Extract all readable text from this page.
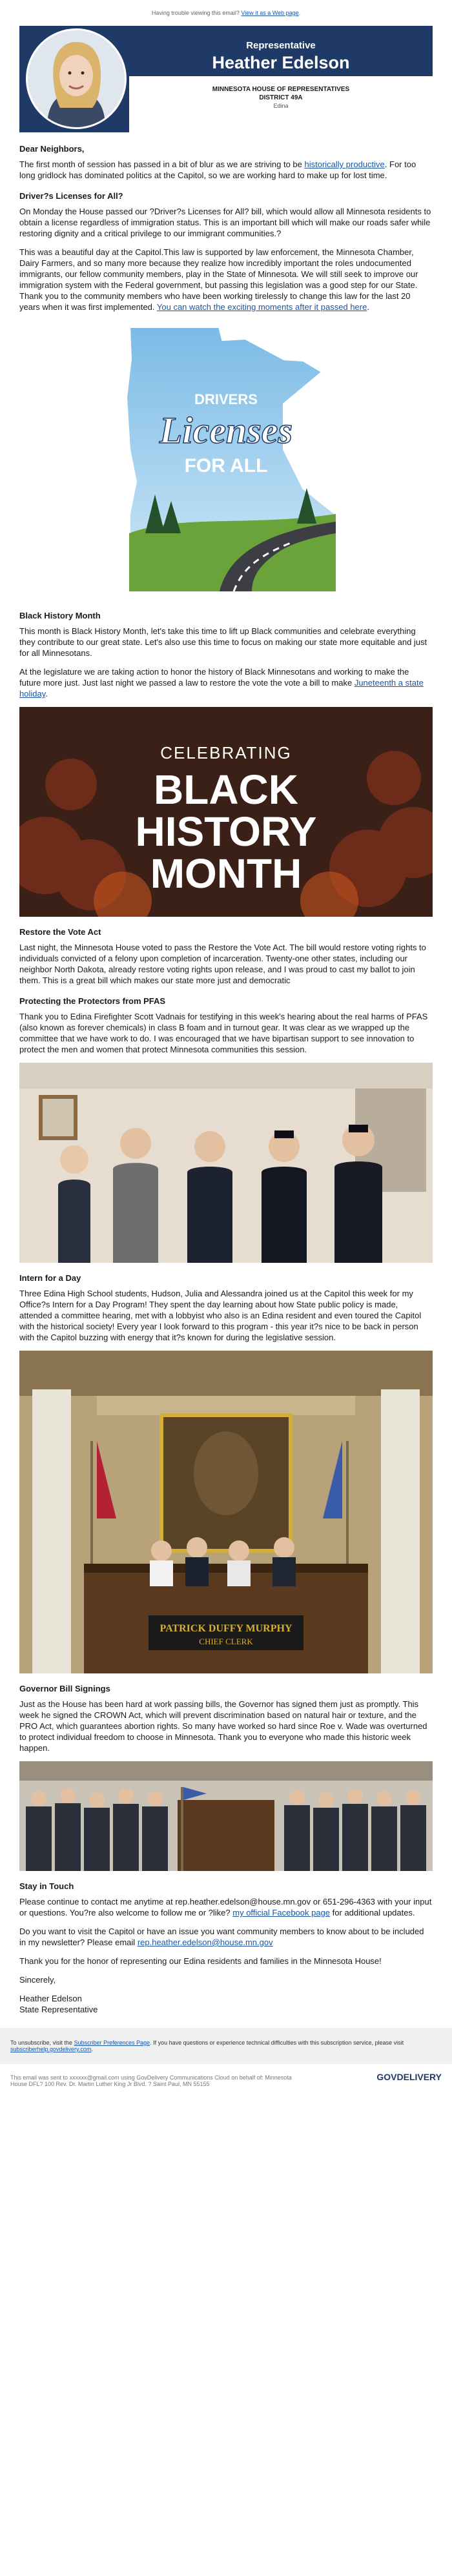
Having trouble viewing this email? View it as a Web page.
Representative
Heather Edelson
MINNESOTA HOUSE OF REPRESENTATIVES
DISTRICT 49A
Edina
Dear Neighbors,

The first month of session has passed in a bit of blur as we are striving to be historically productive. For too long gridlock has dominated politics at the Capitol, so we are working hard to make up for lost time.

Driver?s Licenses for All?

On Monday the House passed our ?Driver?s Licenses for All? bill, which would allow all Minnesota residents to obtain a license regardless of immigration status. This is an important bill which will make our roads safer while restoring dignity and a critical privilege to our immigrant communities.?

This was a beautiful day at the Capitol.This law is supported by law enforcement, the Minnesota Chamber, Dairy Farmers, and so many more because they realize how incredibly important the roles undocumented immigrants, our fellow community members, play in the State of Minnesota. We will still seek to improve our immigration system with the Federal government, but passing this legislation was a good step for our State. Thank you to the community members who have been working tirelessly to change this law for the last 20 years when it was first implemented. You can watch the exciting moments after it passed here.

DRIVERS
Licenses
FOR ALL
Black History Month

This month is Black History Month, let's take this time to lift up Black communities and celebrate everything they contribute to our great state. Let's also use this time to focus on making our state more equitable and just for all Minnesotans.

At the legislature we are taking action to honor the history of Black Minnesotans and working to make the future more just. Just last night we passed a law to restore the vote the vote a bill to make Juneteenth a state holiday.

CELEBRATING
BLACK
HISTORY
MONTH
Restore the Vote Act

Last night, the Minnesota House voted to pass the Restore the Vote Act. The bill would restore voting rights to individuals convicted of a felony upon completion of incarceration. Twenty-one other states, including our neighbor North Dakota, already restore voting rights upon release, and I was proud to cast my ballot to join them. This is a great bill which makes our state more just and democratic

Protecting the Protectors from PFAS

Thank you to Edina Firefighter Scott Vadnais for testifying in this week's hearing about the real harms of PFAS (also known as forever chemicals) in class B foam and in turnout gear. It was clear as we wrapped up the committee that we have work to do. I was encouraged that we have bipartisan support to see innovation to protect the men and women that protect Minnesota communities this session.

Intern for a Day

Three Edina High School students, Hudson, Julia and Alessandra joined us at the Capitol this week for my Office?s Intern for a Day Program! They spent the day learning about how State public policy is made, attended a committee hearing, met with a lobbyist who also is an Edina resident and even toured the Capitol with the historical society! Every year I look forward to this program - this year it?s nice to be back in person with the Capitol buzzing with energy that it?s known for during the legislative session.

PATRICK DUFFY MURPHY
CHIEF CLERK
Governor Bill Signings

Just as the House has been hard at work passing bills, the Governor has signed them just as promptly. This week he signed the CROWN Act, which will prevent discrimination based on natural hair or texture, and the PRO Act, which guarantees abortion rights. So many have worked so hard since Roe v. Wade was overturned to protect individual freedom to choose in Minnesota. Thank you to everyone who made this historic week happen.

Stay in Touch

Please continue to contact me anytime at rep.heather.edelson@house.mn.gov or 651-296-4363 with your input or questions. You?re also welcome to follow me or ?like? my official Facebook page for additional updates.

Do you want to visit the Capitol or have an issue you want community members to know about to be included in my newsletter? Please email rep.heather.edelson@house.mn.gov

Thank you for the honor of representing our Edina residents and families in the Minnesota House!

Sincerely,

Heather Edelson

State Representative

To unsubscribe, visit the Subscriber Preferences Page. If you have questions or experience technical difficulties with this subscription service, please visit subscriberhelp.govdelivery.com.
This email was sent to xxxxxx@gmail.com using GovDelivery Communications Cloud on behalf of: Minnesota House DFL? 100 Rev. Dr. Martin Luther King Jr Blvd. ? Saint Paul, MN 55155
GOVDELIVERY
